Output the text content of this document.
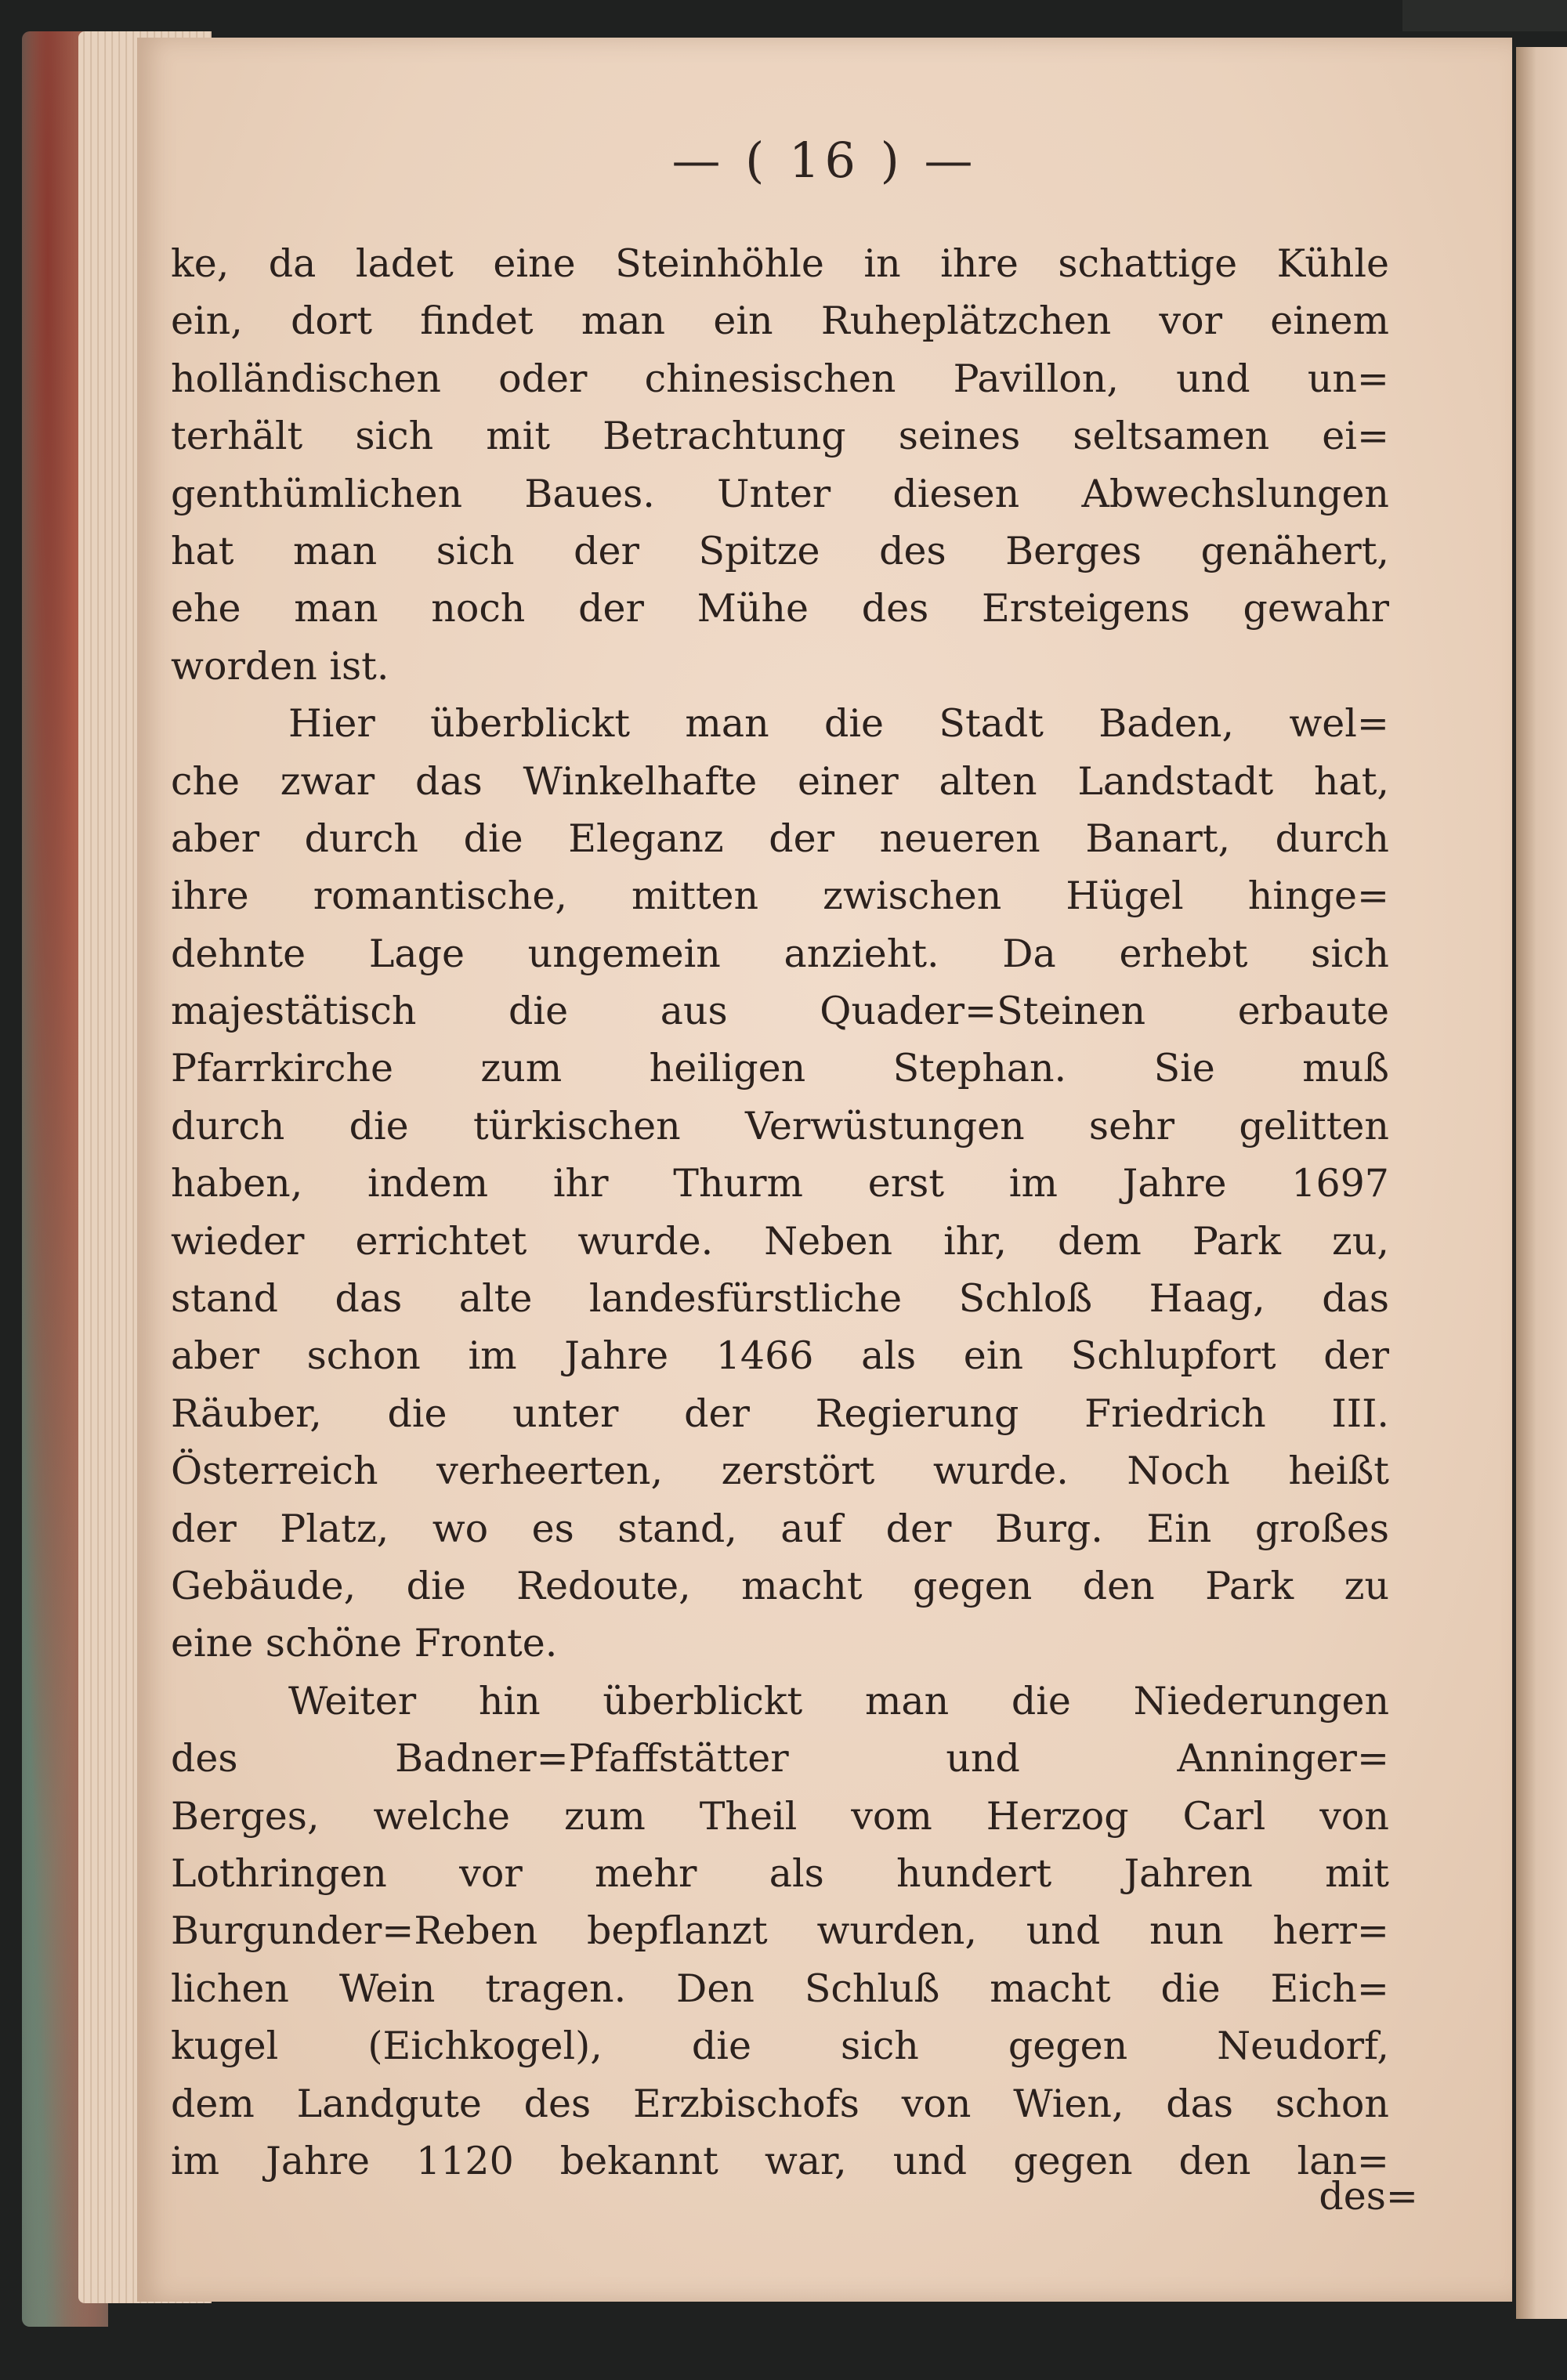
— ( 16 ) —
ke, da ladet eine Steinhöhle in ihre schattige Kühle
ein, dort findet man ein Ruheplätzchen vor einem
holländischen oder chinesischen Pavillon, und un=
terhält sich mit Betrachtung seines seltsamen ei=
genthümlichen Baues. Unter diesen Abwechslungen
hat man sich der Spitze des Berges genähert,
ehe man noch der Mühe des Ersteigens gewahr
worden ist.
Hier überblickt man die Stadt Baden, wel=
che zwar das Winkelhafte einer alten Landstadt hat,
aber durch die Eleganz der neueren Banart, durch
ihre romantische, mitten zwischen Hügel hinge=
dehnte Lage ungemein anzieht. Da erhebt sich
majestätisch die aus Quader=Steinen erbaute
Pfarrkirche zum heiligen Stephan. Sie muß
durch die türkischen Verwüstungen sehr gelitten
haben, indem ihr Thurm erst im Jahre 1697
wieder errichtet wurde. Neben ihr, dem Park zu,
stand das alte landesfürstliche Schloß Haag, das
aber schon im Jahre 1466 als ein Schlupfort der
Räuber, die unter der Regierung Friedrich III.
Österreich verheerten, zerstört wurde. Noch heißt
der Platz, wo es stand, auf der Burg. Ein großes
Gebäude, die Redoute, macht gegen den Park zu
eine schöne Fronte.
Weiter hin überblickt man die Niederungen
des Badner=Pfaffstätter und Anninger=
Berges, welche zum Theil vom Herzog Carl von
Lothringen vor mehr als hundert Jahren mit
Burgunder=Reben bepflanzt wurden, und nun herr=
lichen Wein tragen. Den Schluß macht die Eich=
kugel (Eichkogel), die sich gegen Neudorf,
dem Landgute des Erzbischofs von Wien, das schon
im Jahre 1120 bekannt war, und gegen den lan=
des=
